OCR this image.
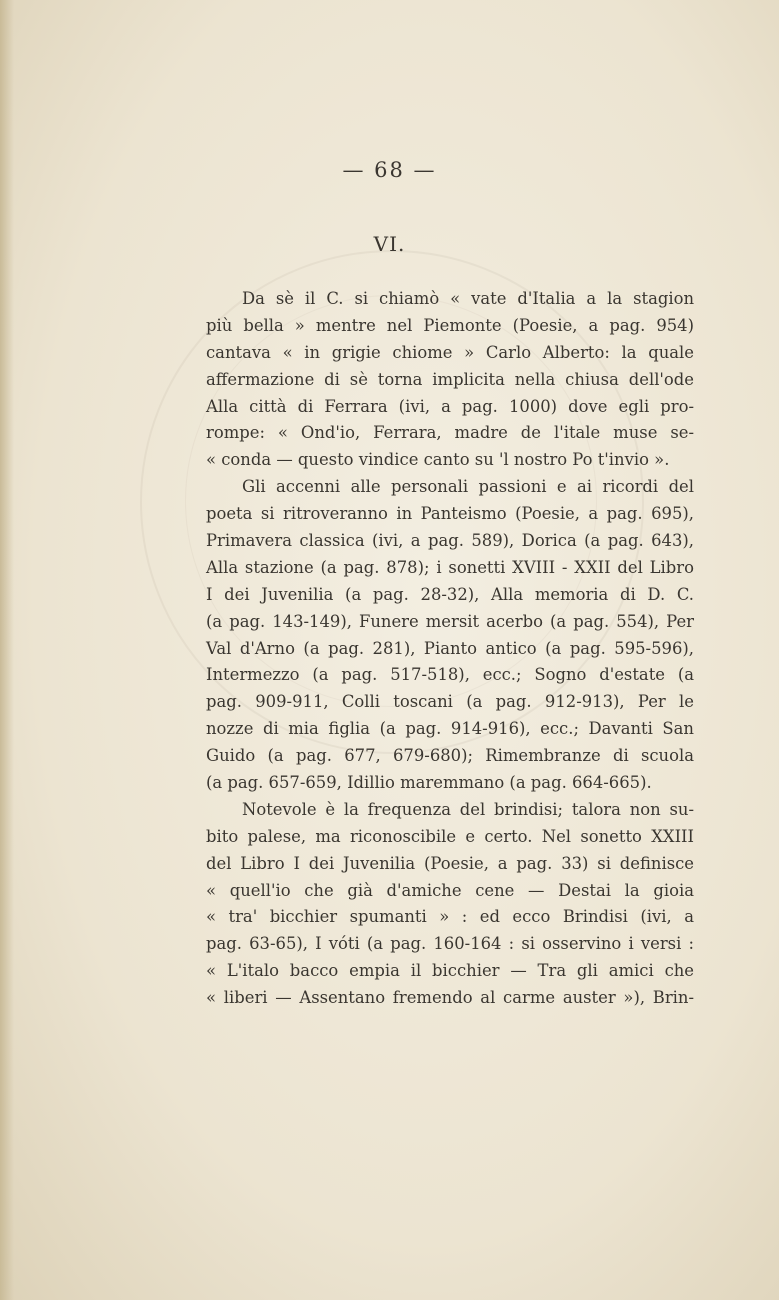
— 68 —
VI.
Da sè il C. si chiamò « vate d'Italia a la stagion
più bella » mentre nel Piemonte (Poesie, a pag. 954)
cantava « in grigie chiome » Carlo Alberto: la quale
affermazione di sè torna implicita nella chiusa dell'ode
Alla città di Ferrara (ivi, a pag. 1000) dove egli pro-
rompe: « Ond'io, Ferrara, madre de l'itale muse se-
« conda — questo vindice canto su 'l nostro Po t'invio ».
Gli accenni alle personali passioni e ai ricordi del
poeta si ritroveranno in Panteismo (Poesie, a pag. 695),
Primavera classica (ivi, a pag. 589), Dorica (a pag. 643),
Alla stazione (a pag. 878); i sonetti XVIII - XXII del Libro
I dei Juvenilia (a pag. 28-32), Alla memoria di D. C.
(a pag. 143-149), Funere mersit acerbo (a pag. 554), Per
Val d'Arno (a pag. 281), Pianto antico (a pag. 595-596),
Intermezzo (a pag. 517-518), ecc.; Sogno d'estate (a
pag. 909-911, Colli toscani (a pag. 912-913), Per le
nozze di mia figlia (a pag. 914-916), ecc.; Davanti San
Guido (a pag. 677, 679-680); Rimembranze di scuola
(a pag. 657-659, Idillio maremmano (a pag. 664-665).
Notevole è la frequenza del brindisi; talora non su-
bito palese, ma riconoscibile e certo. Nel sonetto XXIII
del Libro I dei Juvenilia (Poesie, a pag. 33) si definisce
« quell'io che già d'amiche cene — Destai la gioia
« tra' bicchier spumanti » : ed ecco Brindisi (ivi, a
pag. 63-65), I vóti (a pag. 160-164 : si osservino i versi :
« L'italo bacco empia il bicchier — Tra gli amici che
« liberi — Assentano fremendo al carme auster »), Brin-
